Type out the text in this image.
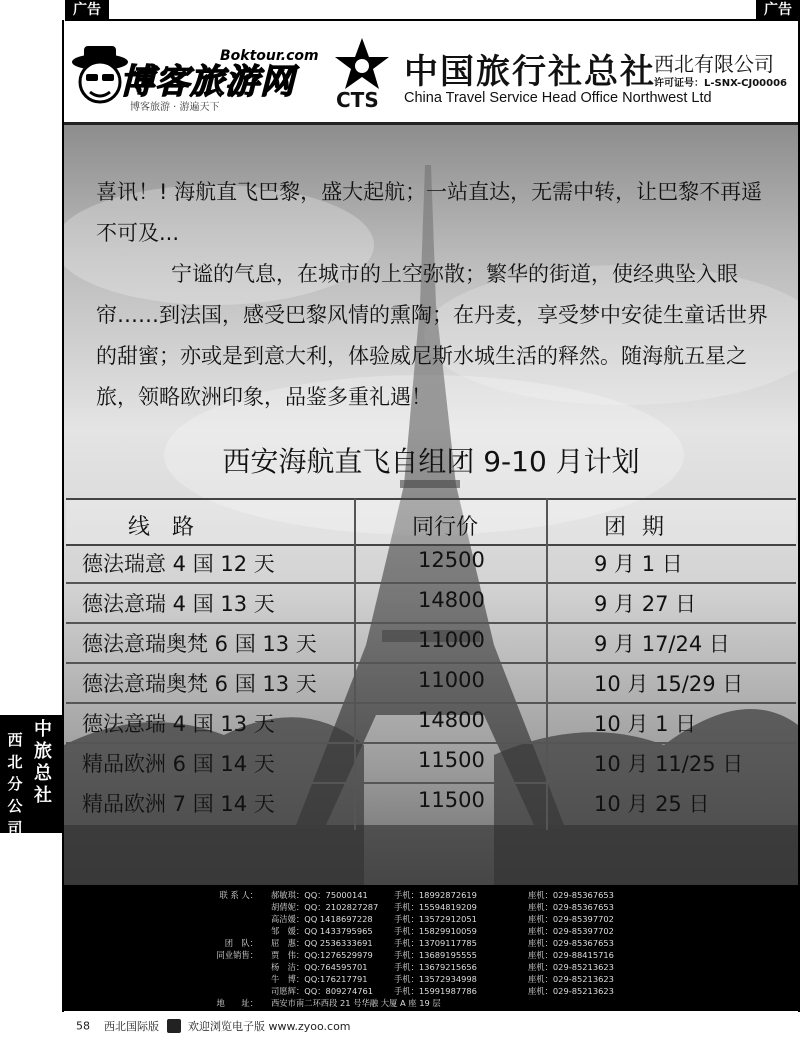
广告	广告
Boktour.com
博客旅游网
博客旅游 · 游遍天下	CTS
中国旅行社总社
西北有限公司
许可证号：L-SNX-CJ00006
China Travel Service Head Office Northwest Ltd

喜讯！! 海航直飞巴黎，盛大起航；一站直达，无需中转，让巴黎不再遥不可及...

宁谧的气息，在城市的上空弥散；繁华的街道，使经典坠入眼帘……到法国，感受巴黎风情的熏陶；在丹麦，享受梦中安徒生童话世界的甜蜜；亦或是到意大利，体验威尼斯水城生活的释然。随海航五星之旅，领略欧洲印象，品鉴多重礼遇！

西安海航直飞自组团 9-10 月计划
线路	同行价	团期
德法瑞意 4 国 12 天	12500	9 月 1 日
德法意瑞 4 国 13 天	14800	9 月 27 日
德法意瑞奥梵 6 国 13 天	11000	9 月 17/24 日
德法意瑞奥梵 6 国 13 天	11000	10 月 15/29 日
德法意瑞 4 国 13 天	14800	10 月 1 日
精品欧洲 6 国 14 天	11500	10 月 11/25 日
精品欧洲 7 国 14 天	11500	10 月 25 日
联 系 人： 郝敏琪：QQ：75000141	手机：18992872619	座机：029-85367653
胡倩妮：QQ：2102827287 手机：15594819209	座机：029-85367653
高洁媛：QQ 1418697228	手机：13572912051	座机：029-85397702
邹　媛：QQ 1433795965	手机：15829910059	座机：029-85397702
团　队： 屈　惠：QQ 2536333691	手机：13709117785	座机：029-85367653
同业销售： 贾　伟：QQ:1276529979	手机：13689195555	座机：029-88415716
杨　洁：QQ:764595701	手机：13679215656	座机：029-85213623
牛　博：QQ:176217791	手机：13572934998	座机：029-85213623
司愿辉：QQ：809274761	手机：15991987786	座机：029-85213623
地　　址： 西安市南二环西段 21 号华融 大厦 A 座 19 层
西北分公司
中旅总社
58 西北国际版	欢迎浏览电子版 www.zyoo.com
